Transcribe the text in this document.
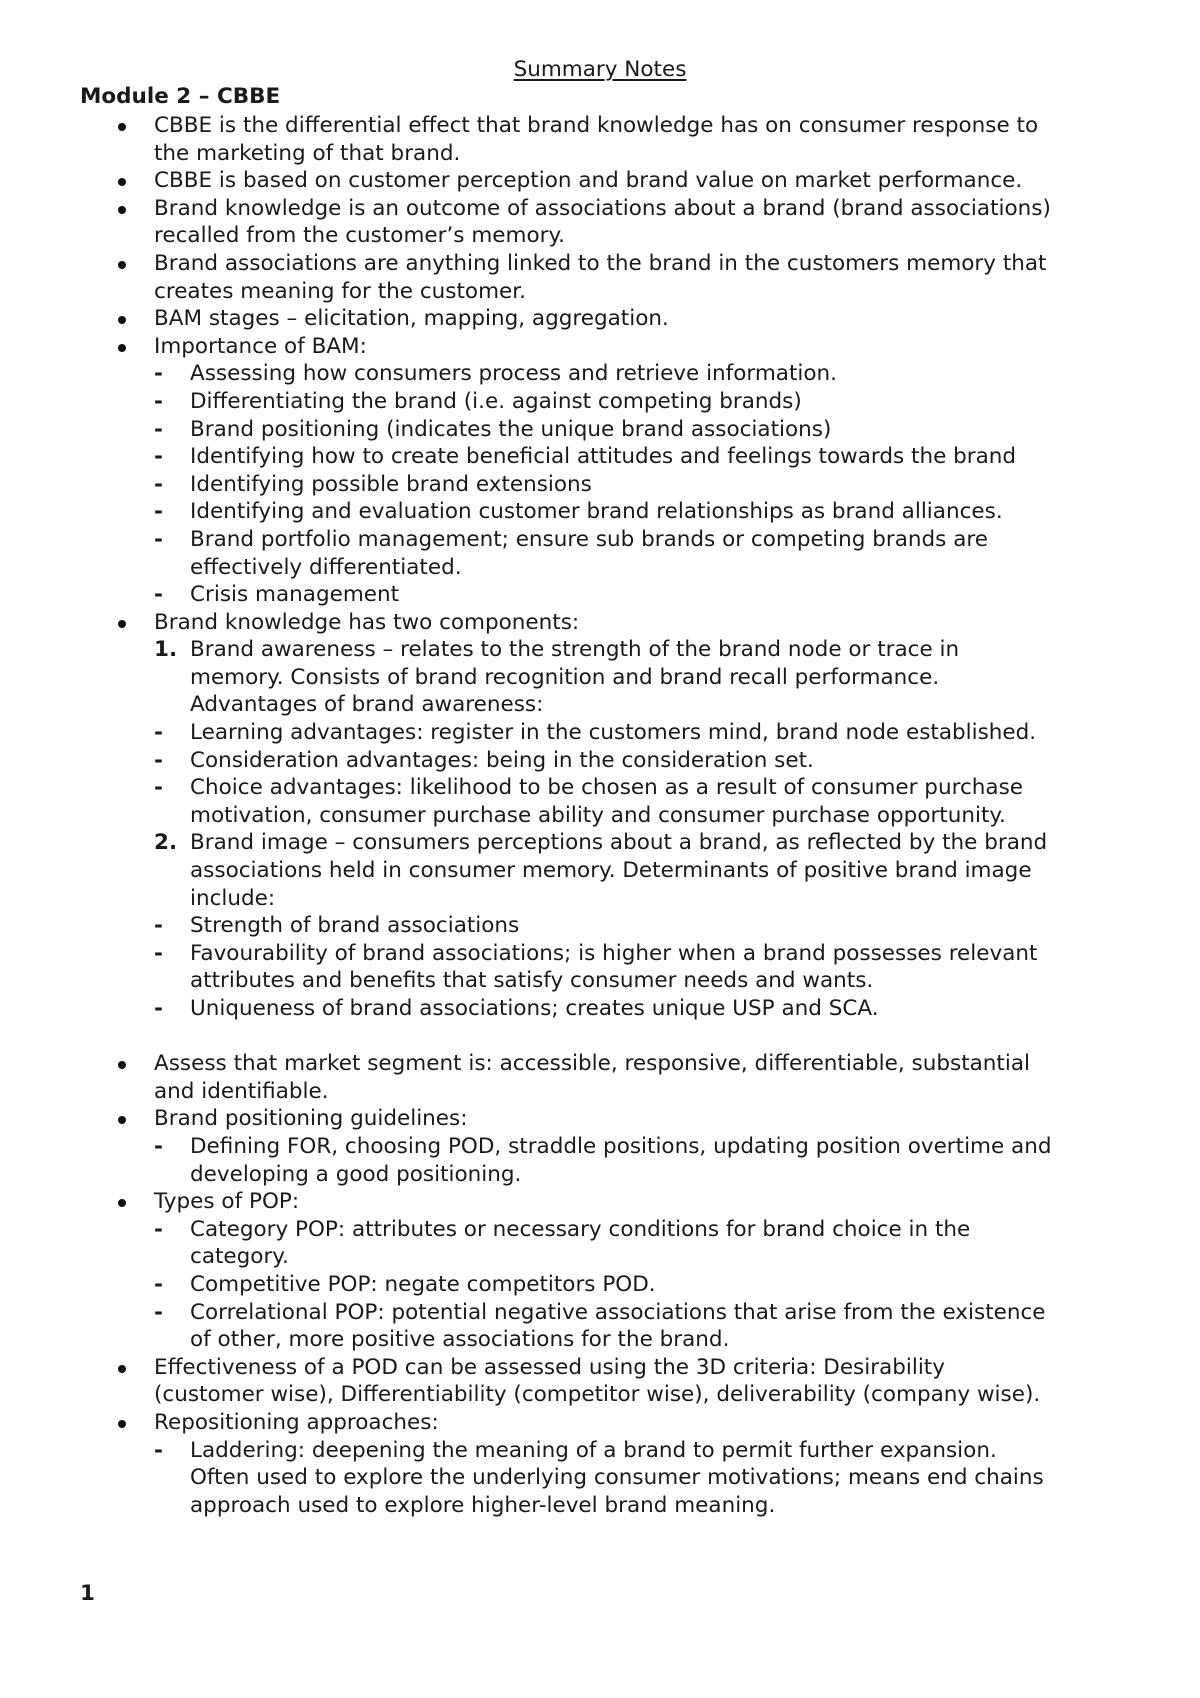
Summary Notes
Module 2 – CBBE
CBBE is the differential effect that brand knowledge has on consumer response to
the marketing of that brand.
CBBE is based on customer perception and brand value on market performance.
Brand knowledge is an outcome of associations about a brand (brand associations)
recalled from the customer’s memory.
Brand associations are anything linked to the brand in the customers memory that
creates meaning for the customer.
BAM stages – elicitation, mapping, aggregation.
Importance of BAM:
-	Assessing how consumers process and retrieve information.
-	Differentiating the brand (i.e. against competing brands)
-	Brand positioning (indicates the unique brand associations)
-	Identifying how to create beneficial attitudes and feelings towards the brand
-	Identifying possible brand extensions
-	Identifying and evaluation customer brand relationships as brand alliances.
-	Brand portfolio management; ensure sub brands or competing brands are
effectively differentiated.
-	Crisis management
Brand knowledge has two components:
1. Brand awareness – relates to the strength of the brand node or trace in
memory. Consists of brand recognition and brand recall performance.
Advantages of brand awareness:
-	Learning advantages: register in the customers mind, brand node established.
-	Consideration advantages: being in the consideration set.
-	Choice advantages: likelihood to be chosen as a result of consumer purchase
motivation, consumer purchase ability and consumer purchase opportunity.
2. Brand image – consumers perceptions about a brand, as reflected by the brand
associations held in consumer memory. Determinants of positive brand image
include:
-	Strength of brand associations
-	Favourability of brand associations; is higher when a brand possesses relevant
attributes and benefits that satisfy consumer needs and wants.
-	Uniqueness of brand associations; creates unique USP and SCA.
Assess that market segment is: accessible, responsive, differentiable, substantial
and identifiable.
Brand positioning guidelines:
-	Defining FOR, choosing POD, straddle positions, updating position overtime and
developing a good positioning.
Types of POP:
-	Category POP: attributes or necessary conditions for brand choice in the
category.
-	Competitive POP: negate competitors POD.
-	Correlational POP: potential negative associations that arise from the existence
of other, more positive associations for the brand.
Effectiveness of a POD can be assessed using the 3D criteria: Desirability
(customer wise), Differentiability (competitor wise), deliverability (company wise).
Repositioning approaches:
-	Laddering: deepening the meaning of a brand to permit further expansion.
Often used to explore the underlying consumer motivations; means end chains
approach used to explore higher-level brand meaning.
1
